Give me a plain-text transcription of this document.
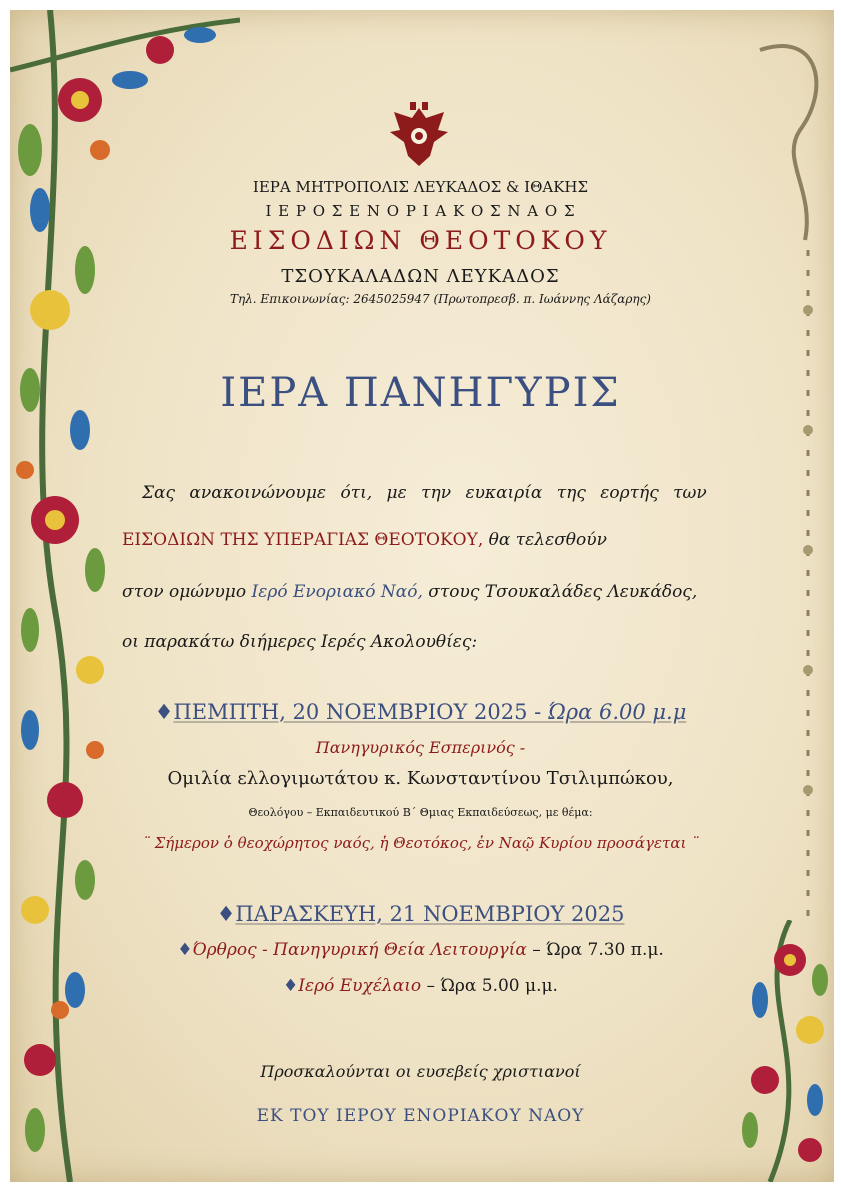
ΙΕΡΑ ΜΗΤΡΟΠΟΛΙΣ ΛΕΥΚΑΔΟΣ & ΙΘΑΚΗΣ
Ι Ε Ρ Ο Σ Ε Ν Ο Ρ Ι Α Κ Ο Σ Ν Α Ο Σ
ΕΙΣΟΔΙΩΝ ΘΕΟΤΟΚΟΥ
ΤΣΟΥΚΑΛΑΔΩΝ ΛΕΥΚΑΔΟΣ
Τηλ. Επικοινωνίας: 2645025947 (Πρωτοπρεσβ. π. Ιωάννης Λάζαρης)
ΙΕΡΑ ΠΑΝΗΓΥΡΙΣ
Σας ανακοινώνουμε ότι, με την ευκαιρία της εορτής των
ΕΙΣΟΔΙΩΝ ΤΗΣ ΥΠΕΡΑΓΙΑΣ ΘΕΟΤΟΚΟΥ, θα τελεσθούν
στον ομώνυμο Ιερό Ενοριακό Ναό, στους Τσουκαλάδες Λευκάδος,
οι παρακάτω διήμερες Ιερές Ακολουθίες:
♦ΠΕΜΠΤΗ, 20 ΝΟΕΜΒΡΙΟΥ 2025 - Ώρα 6.00 μ.μ
Πανηγυρικός Εσπερινός -
Ομιλία ελλογιμωτάτου κ. Κωνσταντίνου Τσιλιμπώκου,
Θεολόγου – Εκπαιδευτικού Β΄ Θμιας Εκπαιδεύσεως, με θέμα:
¨ Σήμερον ὁ θεοχώρητος ναός, ἡ Θεοτόκος, ἐν Ναῷ Κυρίου προσάγεται ¨
♦ΠΑΡΑΣΚΕΥΗ, 21 ΝΟΕΜΒΡΙΟΥ 2025
♦Όρθρος - Πανηγυρική Θεία Λειτουργία – Ώρα 7.30 π.μ.
♦Ιερό Ευχέλαιο – Ώρα 5.00 μ.μ.
Προσκαλούνται οι ευσεβείς χριστιανοί
ΕΚ ΤΟΥ ΙΕΡΟΥ ΕΝΟΡΙΑΚΟΥ ΝΑΟΥ
